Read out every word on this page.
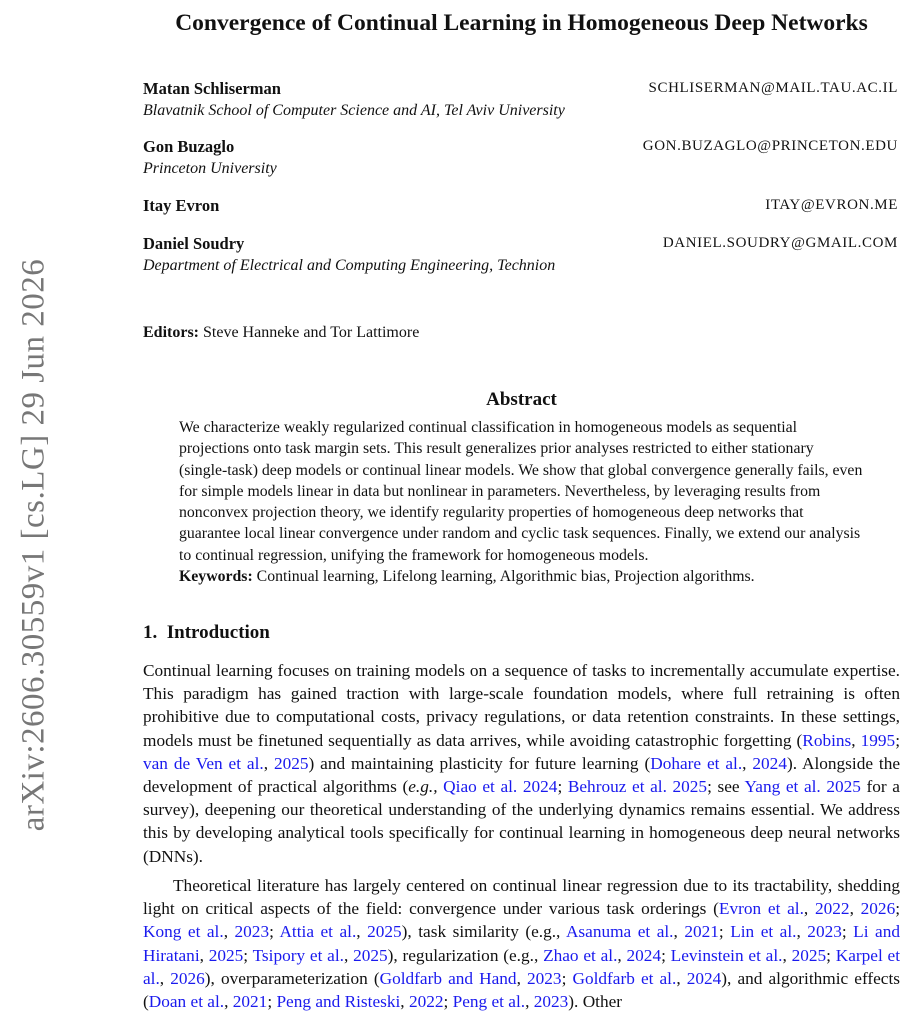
arXiv:2606.30559v1 [cs.LG] 29 Jun 2026
Convergence of Continual Learning in Homogeneous Deep Networks
Matan Schliserman	SCHLISERMAN@MAIL.TAU.AC.IL
Blavatnik School of Computer Science and AI, Tel Aviv University
Gon Buzaglo	GON.BUZAGLO@PRINCETON.EDU
Princeton University
Itay Evron	ITAY@EVRON.ME
Daniel Soudry	DANIEL.SOUDRY@GMAIL.COM
Department of Electrical and Computing Engineering, Technion
Editors: Steve Hanneke and Tor Lattimore
Abstract

We characterize weakly regularized continual classification in homogeneous models as sequential projections onto task margin sets. This result generalizes prior analyses restricted to either stationary (single-task) deep models or continual linear models. We show that global convergence generally fails, even for simple models linear in data but nonlinear in parameters. Nevertheless, by leveraging results from nonconvex projection theory, we identify regularity properties of homogeneous deep networks that guarantee local linear convergence under random and cyclic task sequences. Finally, we extend our analysis to continual regression, unifying the framework for homogeneous models.

Keywords: Continual learning, Lifelong learning, Algorithmic bias, Projection algorithms.
1. Introduction

Continual learning focuses on training models on a sequence of tasks to incrementally accumulate expertise. This paradigm has gained traction with large-scale foundation models, where full retraining is often prohibitive due to computational costs, privacy regulations, or data retention constraints. In these settings, models must be finetuned sequentially as data arrives, while avoiding catastrophic forgetting (Robins, 1995; van de Ven et al., 2025) and maintaining plasticity for future learning (Dohare et al., 2024). Alongside the development of practical algorithms (e.g., Qiao et al. 2024; Behrouz et al. 2025; see Yang et al. 2025 for a survey), deepening our theoretical understanding of the underlying dynamics remains essential. We address this by developing analytical tools specifically for continual learning in homogeneous deep neural networks (DNNs).

Theoretical literature has largely centered on continual linear regression due to its tractability, shedding light on critical aspects of the field: convergence under various task orderings (Evron et al., 2022, 2026; Kong et al., 2023; Attia et al., 2025), task similarity (e.g., Asanuma et al., 2021; Lin et al., 2023; Li and Hiratani, 2025; Tsipory et al., 2025), regularization (e.g., Zhao et al., 2024; Levinstein et al., 2025; Karpel et al., 2026), overparameterization (Goldfarb and Hand, 2023; Goldfarb et al., 2024), and algorithmic effects (Doan et al., 2021; Peng and Risteski, 2022; Peng et al., 2023). Other
